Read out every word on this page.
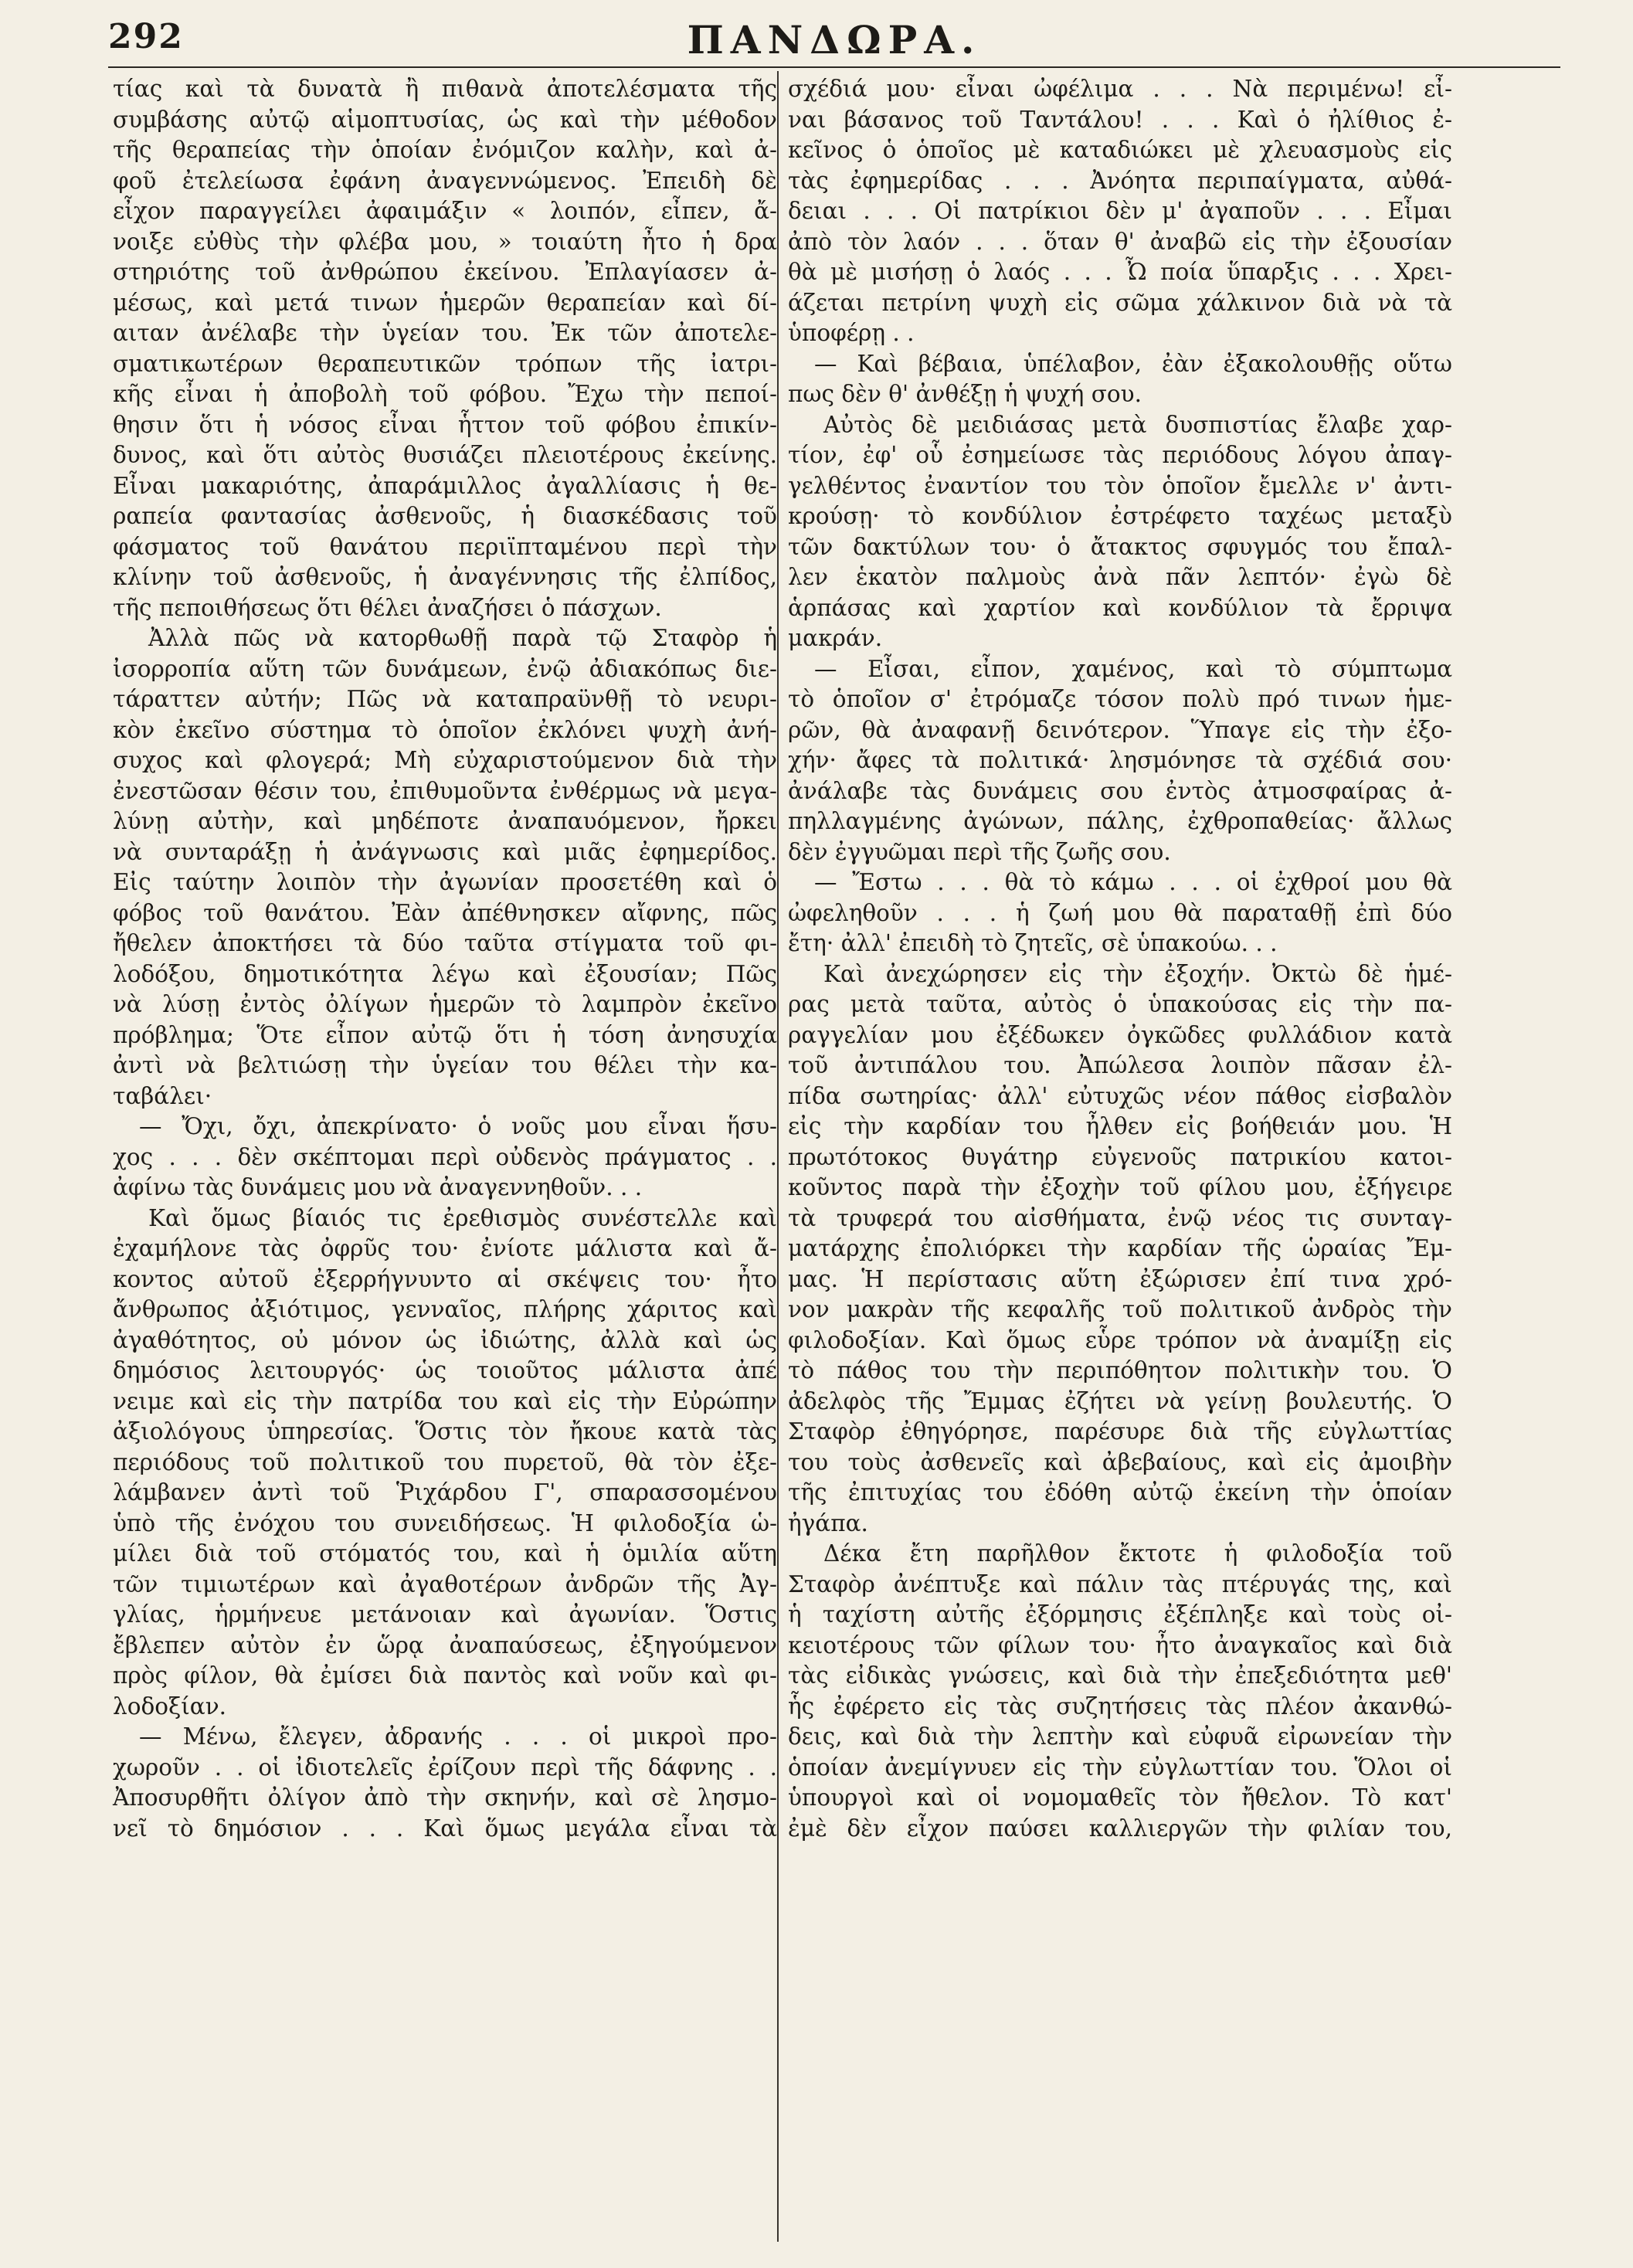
292	ΠΑΝΔΩΡΑ.
τίας καὶ τὰ δυνατὰ ἢ πιθανὰ ἀποτελέσματα τῆς
συμβάσης αὐτῷ αἱμοπτυσίας, ὡς καὶ τὴν μέθοδον
τῆς θεραπείας τὴν ὁποίαν ἐνόμιζον καλὴν, καὶ ἀ-
φοῦ ἐτελείωσα ἐφάνη ἀναγεννώμενος. Ἐπειδὴ δὲ
εἶχον παραγγείλει ἀφαιμάξιν « λοιπόν, εἶπεν, ἄ-
νοιξε εὐθὺς τὴν φλέβα μου, » τοιαύτη ἦτο ἡ δρα
στηριότης τοῦ ἀνθρώπου ἐκείνου. Ἐπλαγίασεν ἀ-
μέσως, καὶ μετά τινων ἡμερῶν θεραπείαν καὶ δί-
αιταν ἀνέλαβε τὴν ὑγείαν του. Ἐκ τῶν ἀποτελε-
σματικωτέρων θεραπευτικῶν τρόπων τῆς ἰατρι-
κῆς εἶναι ἡ ἀποβολὴ τοῦ φόβου. Ἔχω τὴν πεποί-
θησιν ὅτι ἡ νόσος εἶναι ἧττον τοῦ φόβου ἐπικίν-
δυνος, καὶ ὅτι αὐτὸς θυσιάζει πλειοτέρους ἐκείνης.
Εἶναι μακαριότης, ἀπαράμιλλος ἀγαλλίασις ἡ θε-
ραπεία φαντασίας ἀσθενοῦς, ἡ διασκέδασις τοῦ
φάσματος τοῦ θανάτου περιϊπταμένου περὶ τὴν
κλίνην τοῦ ἀσθενοῦς, ἡ ἀναγέννησις τῆς ἐλπίδος,
τῆς πεποιθήσεως ὅτι θέλει ἀναζήσει ὁ πάσχων.
Ἀλλὰ πῶς νὰ κατορθωθῇ παρὰ τῷ Σταφὸρ ἡ
ἰσορροπία αὕτη τῶν δυνάμεων, ἐνῷ ἀδιακόπως διε-
τάραττεν αὐτήν; Πῶς νὰ καταπραϋνθῇ τὸ νευρι-
κὸν ἐκεῖνο σύστημα τὸ ὁποῖον ἐκλόνει ψυχὴ ἀνή-
συχος καὶ φλογερά; Μὴ εὐχαριστούμενον διὰ τὴν
ἐνεστῶσαν θέσιν του, ἐπιθυμοῦντα ἐνθέρμως νὰ μεγα-
λύνῃ αὐτὴν, καὶ μηδέποτε ἀναπαυόμενον, ἤρκει
νὰ συνταράξῃ ἡ ἀνάγνωσις καὶ μιᾶς ἐφημερίδος.
Εἰς ταύτην λοιπὸν τὴν ἀγωνίαν προσετέθη καὶ ὁ
φόβος τοῦ θανάτου. Ἐὰν ἀπέθνησκεν αἴφνης, πῶς
ἤθελεν ἀποκτήσει τὰ δύο ταῦτα στίγματα τοῦ φι-
λοδόξου, δημοτικότητα λέγω καὶ ἐξουσίαν; Πῶς
νὰ λύσῃ ἐντὸς ὀλίγων ἡμερῶν τὸ λαμπρὸν ἐκεῖνο
πρόβλημα; Ὅτε εἶπον αὐτῷ ὅτι ἡ τόση ἀνησυχία
ἀντὶ νὰ βελτιώσῃ τὴν ὑγείαν του θέλει τὴν κα-
ταβάλει·
— Ὄχι, ὄχι, ἀπεκρίνατο· ὁ νοῦς μου εἶναι ἥσυ-
χος . . . δὲν σκέπτομαι περὶ οὐδενὸς πράγματος . .
ἀφίνω τὰς δυνάμεις μου νὰ ἀναγεννηθοῦν. . .
Καὶ ὅμως βίαιός τις ἐρεθισμὸς συνέστελλε καὶ
ἐχαμήλονε τὰς ὀφρῦς του· ἐνίοτε μάλιστα καὶ ἄ-
κοντος αὐτοῦ ἐξερρήγνυντο αἱ σκέψεις του· ἦτο
ἄνθρωπος ἀξιότιμος, γενναῖος, πλήρης χάριτος καὶ
ἀγαθότητος, οὐ μόνον ὡς ἰδιώτης, ἀλλὰ καὶ ὡς
δημόσιος λειτουργός· ὡς τοιοῦτος μάλιστα ἀπέ
νειμε καὶ εἰς τὴν πατρίδα του καὶ εἰς τὴν Εὐρώπην
ἀξιολόγους ὑπηρεσίας. Ὅστις τὸν ἤκουε κατὰ τὰς
περιόδους τοῦ πολιτικοῦ του πυρετοῦ, θὰ τὸν ἐξε-
λάμβανεν ἀντὶ τοῦ Ῥιχάρδου Γ', σπαρασσομένου
ὑπὸ τῆς ἐνόχου του συνειδήσεως. Ἡ φιλοδοξία ὡ-
μίλει διὰ τοῦ στόματός του, καὶ ἡ ὁμιλία αὕτη
τῶν τιμιωτέρων καὶ ἀγαθοτέρων ἀνδρῶν τῆς Ἀγ-
γλίας, ἡρμήνευε μετάνοιαν καὶ ἀγωνίαν. Ὅστις
ἔβλεπεν αὐτὸν ἐν ὥρᾳ ἀναπαύσεως, ἐξηγούμενον
πρὸς φίλον, θὰ ἐμίσει διὰ παντὸς καὶ νοῦν καὶ φι-
λοδοξίαν.
— Μένω, ἔλεγεν, ἀδρανής . . . οἱ μικροὶ προ-
χωροῦν . . οἱ ἰδιοτελεῖς ἐρίζουν περὶ τῆς δάφνης . .
Ἀποσυρθῆτι ὀλίγον ἀπὸ τὴν σκηνήν, καὶ σὲ λησμο-
νεῖ τὸ δημόσιον . . . Καὶ ὅμως μεγάλα εἶναι τὰ
σχέδιά μου· εἶναι ὠφέλιμα . . . Νὰ περιμένω! εἶ-
ναι βάσανος τοῦ Ταντάλου! . . . Καὶ ὁ ἠλίθιος ἐ-
κεῖνος ὁ ὁποῖος μὲ καταδιώκει μὲ χλευασμοὺς εἰς
τὰς ἐφημερίδας . . . Ἀνόητα περιπαίγματα, αὐθά-
δειαι . . . Οἱ πατρίκιοι δὲν μ' ἀγαποῦν . . . Εἶμαι
ἀπὸ τὸν λαόν . . . ὅταν θ' ἀναβῶ εἰς τὴν ἐξουσίαν
θὰ μὲ μισήσῃ ὁ λαός . . . Ὦ ποία ὕπαρξις . . . Χρει-
άζεται πετρίνη ψυχὴ εἰς σῶμα χάλκινον διὰ νὰ τὰ
ὑποφέρῃ . .
— Καὶ βέβαια, ὑπέλαβον, ἐὰν ἐξακολουθῇς οὕτω
πως δὲν θ' ἀνθέξῃ ἡ ψυχή σου.
Αὐτὸς δὲ μειδιάσας μετὰ δυσπιστίας ἔλαβε χαρ-
τίον, ἐφ' οὗ ἐσημείωσε τὰς περιόδους λόγου ἀπαγ-
γελθέντος ἐναντίον του τὸν ὁποῖον ἔμελλε ν' ἀντι-
κρούσῃ· τὸ κονδύλιον ἐστρέφετο ταχέως μεταξὺ
τῶν δακτύλων του· ὁ ἄτακτος σφυγμός του ἔπαλ-
λεν ἑκατὸν παλμοὺς ἀνὰ πᾶν λεπτόν· ἐγὼ δὲ
ἁρπάσας καὶ χαρτίον καὶ κονδύλιον τὰ ἔρριψα
μακράν.
— Εἶσαι, εἶπον, χαμένος, καὶ τὸ σύμπτωμα
τὸ ὁποῖον σ' ἐτρόμαζε τόσον πολὺ πρό τινων ἡμε-
ρῶν, θὰ ἀναφανῇ δεινότερον. Ὕπαγε εἰς τὴν ἐξο-
χήν· ἄφες τὰ πολιτικά· λησμόνησε τὰ σχέδιά σου·
ἀνάλαβε τὰς δυνάμεις σου ἐντὸς ἀτμοσφαίρας ἀ-
πηλλαγμένης ἀγώνων, πάλης, ἐχθροπαθείας· ἄλλως
δὲν ἐγγυῶμαι περὶ τῆς ζωῆς σου.
— Ἔστω . . . θὰ τὸ κάμω . . . οἱ ἐχθροί μου θὰ
ὠφεληθοῦν . . . ἡ ζωή μου θὰ παραταθῇ ἐπὶ δύο
ἔτη· ἀλλ' ἐπειδὴ τὸ ζητεῖς, σὲ ὑπακούω. . .
Καὶ ἀνεχώρησεν εἰς τὴν ἐξοχήν. Ὀκτὼ δὲ ἡμέ-
ρας μετὰ ταῦτα, αὐτὸς ὁ ὑπακούσας εἰς τὴν πα-
ραγγελίαν μου ἐξέδωκεν ὀγκῶδες φυλλάδιον κατὰ
τοῦ ἀντιπάλου του. Ἀπώλεσα λοιπὸν πᾶσαν ἐλ-
πίδα σωτηρίας· ἀλλ' εὐτυχῶς νέον πάθος εἰσβαλὸν
εἰς τὴν καρδίαν του ἦλθεν εἰς βοήθειάν μου. Ἡ
πρωτότοκος θυγάτηρ εὐγενοῦς πατρικίου κατοι-
κοῦντος παρὰ τὴν ἐξοχὴν τοῦ φίλου μου, ἐξήγειρε
τὰ τρυφερά του αἰσθήματα, ἐνῷ νέος τις συνταγ-
ματάρχης ἐπολιόρκει τὴν καρδίαν τῆς ὡραίας Ἔμ-
μας. Ἡ περίστασις αὕτη ἐξώρισεν ἐπί τινα χρό-
νον μακρὰν τῆς κεφαλῆς τοῦ πολιτικοῦ ἀνδρὸς τὴν
φιλοδοξίαν. Καὶ ὅμως εὗρε τρόπον νὰ ἀναμίξῃ εἰς
τὸ πάθος του τὴν περιπόθητον πολιτικὴν του. Ὁ
ἀδελφὸς τῆς Ἔμμας ἐζήτει νὰ γείνῃ βουλευτής. Ὁ
Σταφὸρ ἐθηγόρησε, παρέσυρε διὰ τῆς εὐγλωττίας
του τοὺς ἀσθενεῖς καὶ ἀβεβαίους, καὶ εἰς ἀμοιβὴν
τῆς ἐπιτυχίας του ἐδόθη αὐτῷ ἐκείνη τὴν ὁποίαν
ἠγάπα.
Δέκα ἔτη παρῆλθον ἔκτοτε ἡ φιλοδοξία τοῦ
Σταφὸρ ἀνέπτυξε καὶ πάλιν τὰς πτέρυγάς της, καὶ
ἡ ταχίστη αὐτῆς ἐξόρμησις ἐξέπληξε καὶ τοὺς οἰ-
κειοτέρους τῶν φίλων του· ἦτο ἀναγκαῖος καὶ διὰ
τὰς εἰδικὰς γνώσεις, καὶ διὰ τὴν ἐπεξεδιότητα μεθ'
ἧς ἐφέρετο εἰς τὰς συζητήσεις τὰς πλέον ἀκανθώ-
δεις, καὶ διὰ τὴν λεπτὴν καὶ εὐφυᾶ εἰρωνείαν τὴν
ὁποίαν ἀνεμίγνυεν εἰς τὴν εὐγλωττίαν του. Ὅλοι οἱ
ὑπουργοὶ καὶ οἱ νομομαθεῖς τὸν ἤθελον. Τὸ κατ'
ἐμὲ δὲν εἶχον παύσει καλλιεργῶν τὴν φιλίαν του,
